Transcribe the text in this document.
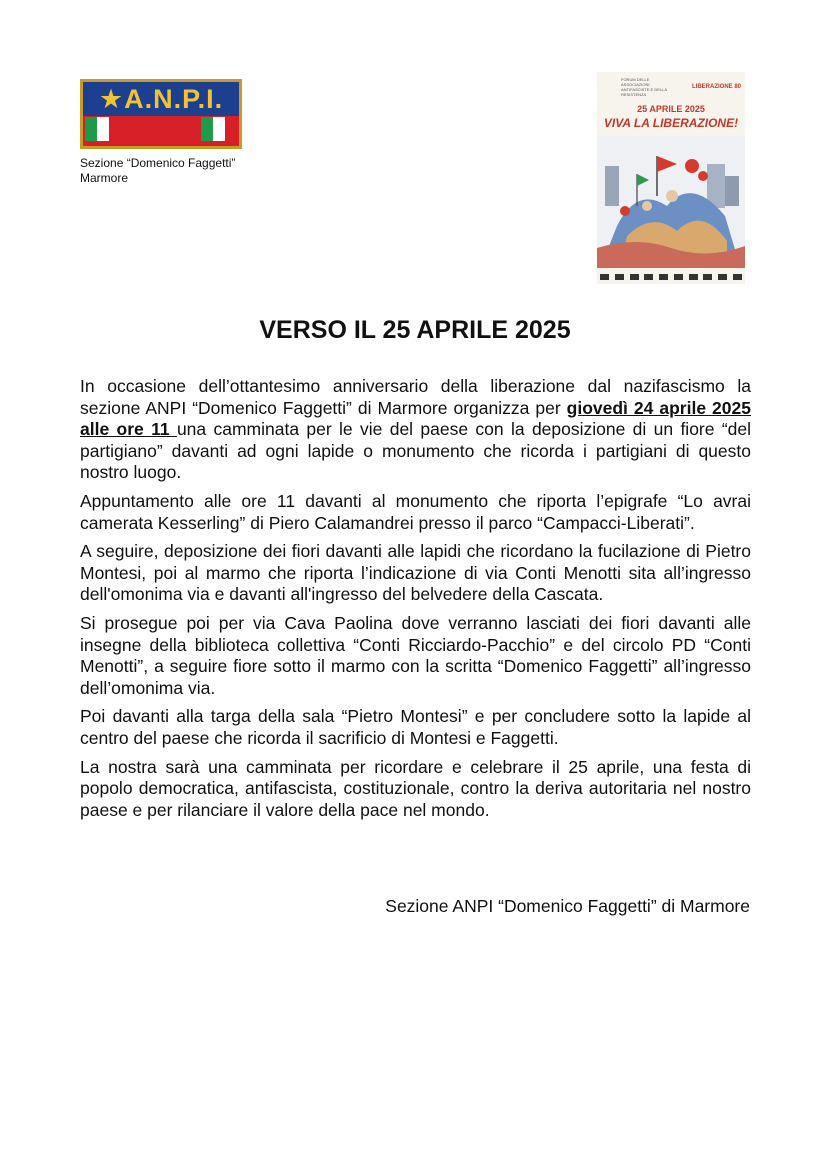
★A.N.P.I.
Sezione “Domenico Faggetti”
Marmore
FORUM DELLE ASSOCIAZIONI ANTIFASCISTE E DELLA RESISTENZA
LIBERAZIONE 80
25 APRILE 2025
VIVA LA LIBERAZIONE!
VERSO IL 25 APRILE 2025

In occasione dell’ottantesimo anniversario della liberazione dal nazifascismo la sezione ANPI “Domenico Faggetti” di Marmore organizza per giovedì 24 aprile 2025 alle ore 11 una camminata per le vie del paese con la deposizione di un fiore “del partigiano” davanti ad ogni lapide o monumento che ricorda i partigiani di questo nostro luogo.

Appuntamento alle ore 11 davanti al monumento che riporta l’epigrafe “Lo avrai camerata Kesserling” di Piero Calamandrei presso il parco “Campacci-Liberati”.

A seguire, deposizione dei fiori davanti alle lapidi che ricordano la fucilazione di Pietro Montesi, poi al marmo che riporta l’indicazione di via Conti Menotti sita all’ingresso dell'omonima via e davanti all'ingresso del belvedere della Cascata.

Si prosegue poi per via Cava Paolina dove verranno lasciati dei fiori davanti alle insegne della biblioteca collettiva “Conti Ricciardo-Pacchio” e del circolo PD “Conti Menotti”, a seguire fiore sotto il marmo con la scritta “Domenico Faggetti” all’ingresso dell’omonima via.

Poi davanti alla targa della sala “Pietro Montesi” e per concludere sotto la lapide al centro del paese che ricorda il sacrificio di Montesi e Faggetti.

La nostra sarà una camminata per ricordare e celebrare il 25 aprile, una festa di popolo democratica, antifascista, costituzionale, contro la deriva autoritaria nel nostro paese e per rilanciare il valore della pace nel mondo.

Sezione ANPI “Domenico Faggetti” di Marmore
